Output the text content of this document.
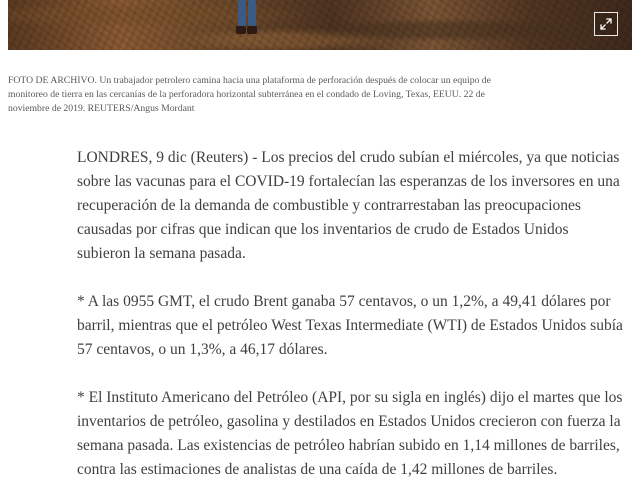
FOTO DE ARCHIVO. Un trabajador petrolero camina hacia una plataforma de perforación después de colocar un equipo de monitoreo de tierra en las cercanías de la perforadora horizontal subterránea en el condado de Loving, Texas, EEUU. 22 de noviembre de 2019. REUTERS/Angus Mordant

LONDRES, 9 dic (Reuters) - Los precios del crudo subían el miércoles, ya que noticias sobre las vacunas para el COVID-19 fortalecían las esperanzas de los inversores en una recuperación de la demanda de combustible y contrarrestaban las preocupaciones causadas por cifras que indican que los inventarios de crudo de Estados Unidos subieron la semana pasada.

* A las 0955 GMT, el crudo Brent ganaba 57 centavos, o un 1,2%, a 49,41 dólares por barril, mientras que el petróleo West Texas Intermediate (WTI) de Estados Unidos subía 57 centavos, o un 1,3%, a 46,17 dólares.

* El Instituto Americano del Petróleo (API, por su sigla en inglés) dijo el martes que los inventarios de petróleo, gasolina y destilados en Estados Unidos crecieron con fuerza la semana pasada. Las existencias de petróleo habrían subido en 1,14 millones de barriles, contra las estimaciones de analistas de una caída de 1,42 millones de barriles.
